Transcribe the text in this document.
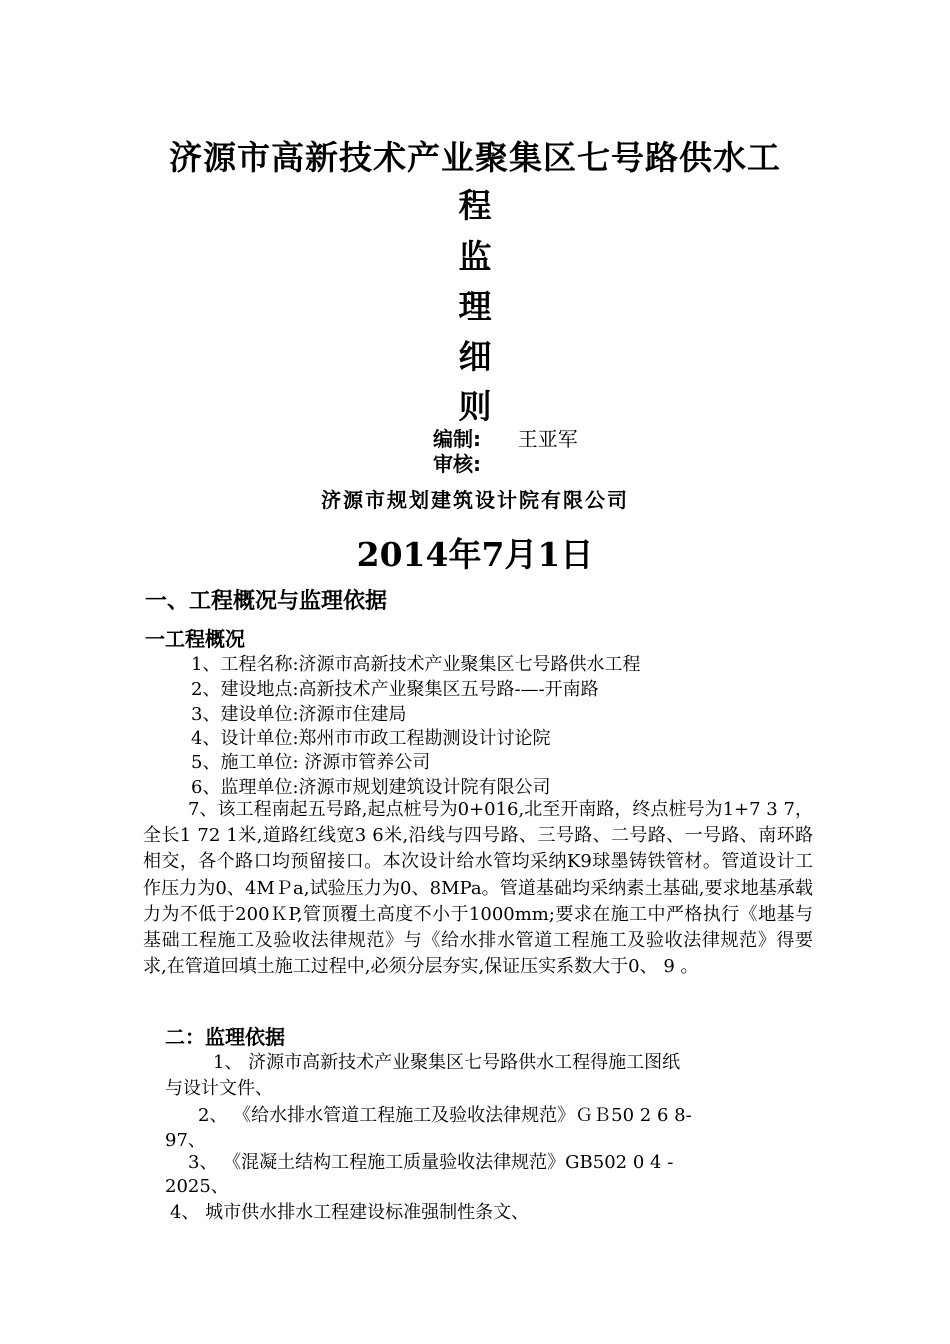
济源市高新技术产业聚集区七号路供水工
程
监
理
细
则
编制: 王亚军
审核:
济源市规划建筑设计院有限公司
2014年7月1日
一、工程概况与监理依据
一工程概况
1、工程名称:济源市高新技术产业聚集区七号路供水工程
2、建设地点:高新技术产业聚集区五号路-—-开南路
3、建设单位:济源市住建局
4、设计单位:郑州市市政工程勘测设计讨论院
5、施工单位: 济源市管养公司
6、监理单位:济源市规划建筑设计院有限公司
7、该工程南起五号路,起点桩号为0+016,北至开南路，终点桩号为1+7 3 7，全长1 72 1米,道路红线宽3 6米,沿线与四号路、三号路、二号路、一号路、南环路相交，各个路口均预留接口。本次设计给水管均采纳K9球墨铸铁管材。管道设计工作压力为0、4MＰa,试验压力为0、8MPa。管道基础均采纳素土基础,要求地基承载力为不低于200ＫP,管顶覆土高度不小于1000mm;要求在施工中严格执行《地基与基础工程施工及验收法律规范》与《给水排水管道工程施工及验收法律规范》得要求,在管道回填土施工过程中,必须分层夯实,保证压实系数大于0、 9 。
二：监理依据
1、 济源市高新技术产业聚集区七号路供水工程得施工图纸
与设计文件、
2、 《给水排水管道工程施工及验收法律规范》ＧＢ50 2 6 8-
97、
3、 《混凝土结构工程施工质量验收法律规范》GB502 0 4 -
2025、
4、 城市供水排水工程建设标准强制性条文、
